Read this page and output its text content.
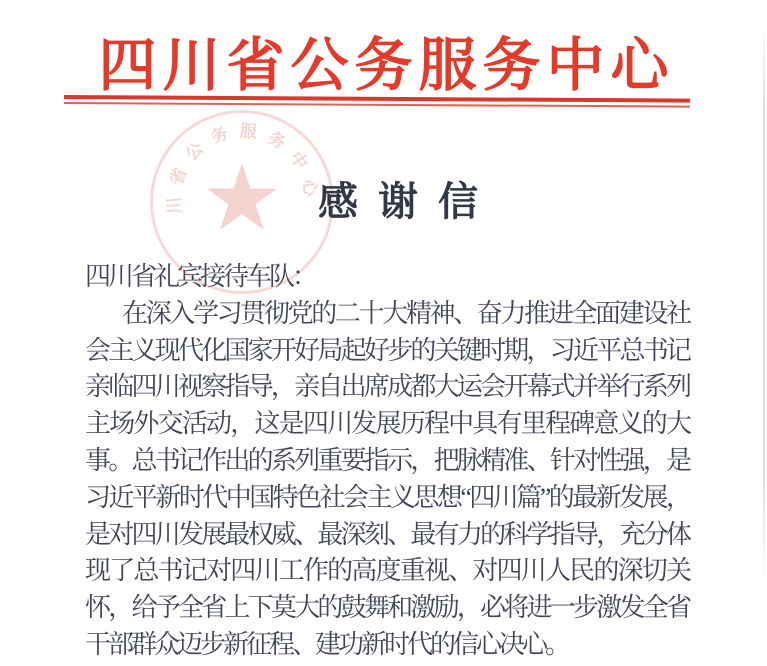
★
省
公
务 服 务
中
心
川
四川省公务服务中心
感谢信
四川省礼宾接待车队：
在深入学习贯彻党的二十大精神、奋力推进全面建设社
会主义现代化国家开好局起好步的关键时期，习近平总书记
亲临四川视察指导，亲自出席成都大运会开幕式并举行系列
主场外交活动，这是四川发展历程中具有里程碑意义的大
事。总书记作出的系列重要指示，把脉精准、针对性强，是
习近平新时代中国特色社会主义思想“四川篇”的最新发展，
是对四川发展最权威、最深刻、最有力的科学指导，充分体
现了总书记对四川工作的高度重视、对四川人民的深切关
怀，给予全省上下莫大的鼓舞和激励，必将进一步激发全省
干部群众迈步新征程、建功新时代的信心决心。
